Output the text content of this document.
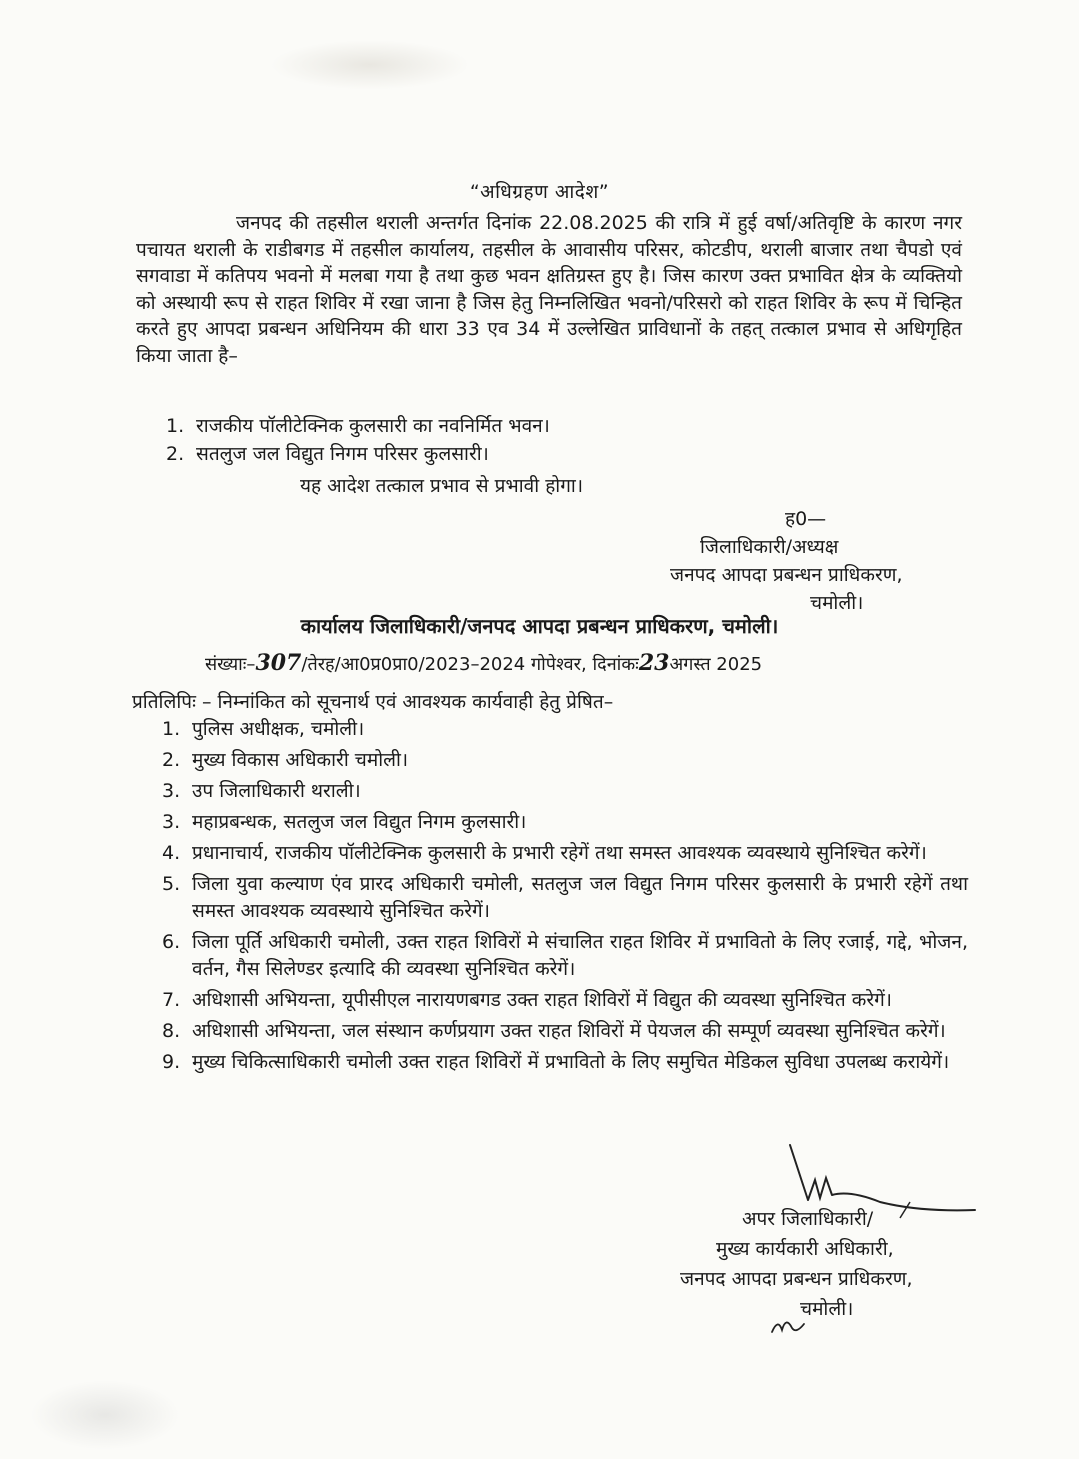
“अधिग्रहण आदेश”
जनपद की तहसील थराली अन्तर्गत दिनांक 22.08.2025 की रात्रि में हुई वर्षा/अतिवृष्टि के कारण नगर पचायत थराली के राडीबगड में तहसील कार्यालय, तहसील के आवासीय परिसर, कोटडीप, थराली बाजार तथा चैपडो एवं सगवाडा में कतिपय भवनो में मलबा गया है तथा कुछ भवन क्षतिग्रस्त हुए है। जिस कारण उक्त प्रभावित क्षेत्र के व्यक्तियो को अस्थायी रूप से राहत शिविर में रखा जाना है जिस हेतु निम्नलिखित भवनो/परिसरो को राहत शिविर के रूप में चिन्हित करते हुए आपदा प्रबन्धन अधिनियम की धारा 33 एव 34 में उल्लेखित प्राविधानों के तहत् तत्काल प्रभाव से अधिगृहित किया जाता है–
1. राजकीय पॉलीटेक्निक कुलसारी का नवनिर्मित भवन।
2. सतलुज जल विद्युत निगम परिसर कुलसारी।
यह आदेश तत्काल प्रभाव से प्रभावी होगा।
ह0—
जिलाधिकारी/अध्यक्ष
जनपद आपदा प्रबन्धन प्राधिकरण,
चमोली।
कार्यालय जिलाधिकारी/जनपद आपदा प्रबन्धन प्राधिकरण, चमोली।
संख्याः–307/तेरह/आ0प्र0प्रा0/2023–2024 गोपेश्वर, दिनांकः23अगस्त 2025
प्रतिलिपिः – निम्नांकित को सूचनार्थ एवं आवश्यक कार्यवाही हेतु प्रेषित–
1. पुलिस अधीक्षक, चमोली।
2. मुख्य विकास अधिकारी चमोली।
3. उप जिलाधिकारी थराली।
3. महाप्रबन्धक, सतलुज जल विद्युत निगम कुलसारी।
4. प्रधानाचार्य, राजकीय पॉलीटेक्निक कुलसारी के प्रभारी रहेगें तथा समस्त आवश्यक व्यवस्थाये सुनिश्चित करेगें।
5. जिला युवा कल्याण एंव प्रारद अधिकारी चमोली, सतलुज जल विद्युत निगम परिसर कुलसारी के प्रभारी रहेगें तथा समस्त आवश्यक व्यवस्थाये सुनिश्चित करेगें।
6. जिला पूर्ति अधिकारी चमोली, उक्त राहत शिविरों मे संचालित राहत शिविर में प्रभावितो के लिए रजाई, गद्दे, भोजन, वर्तन, गैस सिलेण्डर इत्यादि की व्यवस्था सुनिश्चित करेगें।
7. अधिशासी अभियन्ता, यूपीसीएल नारायणबगड उक्त राहत शिविरों में विद्युत की व्यवस्था सुनिश्चित करेगें।
8. अधिशासी अभियन्ता, जल संस्थान कर्णप्रयाग उक्त राहत शिविरों में पेयजल की सम्पूर्ण व्यवस्था सुनिश्चित करेगें।
9. मुख्य चिकित्साधिकारी चमोली उक्त राहत शिविरों में प्रभावितो के लिए समुचित मेडिकल सुविधा उपलब्ध करायेगें।
अपर जिलाधिकारी/
मुख्य कार्यकारी अधिकारी,
जनपद आपदा प्रबन्धन प्राधिकरण,
चमोली।
